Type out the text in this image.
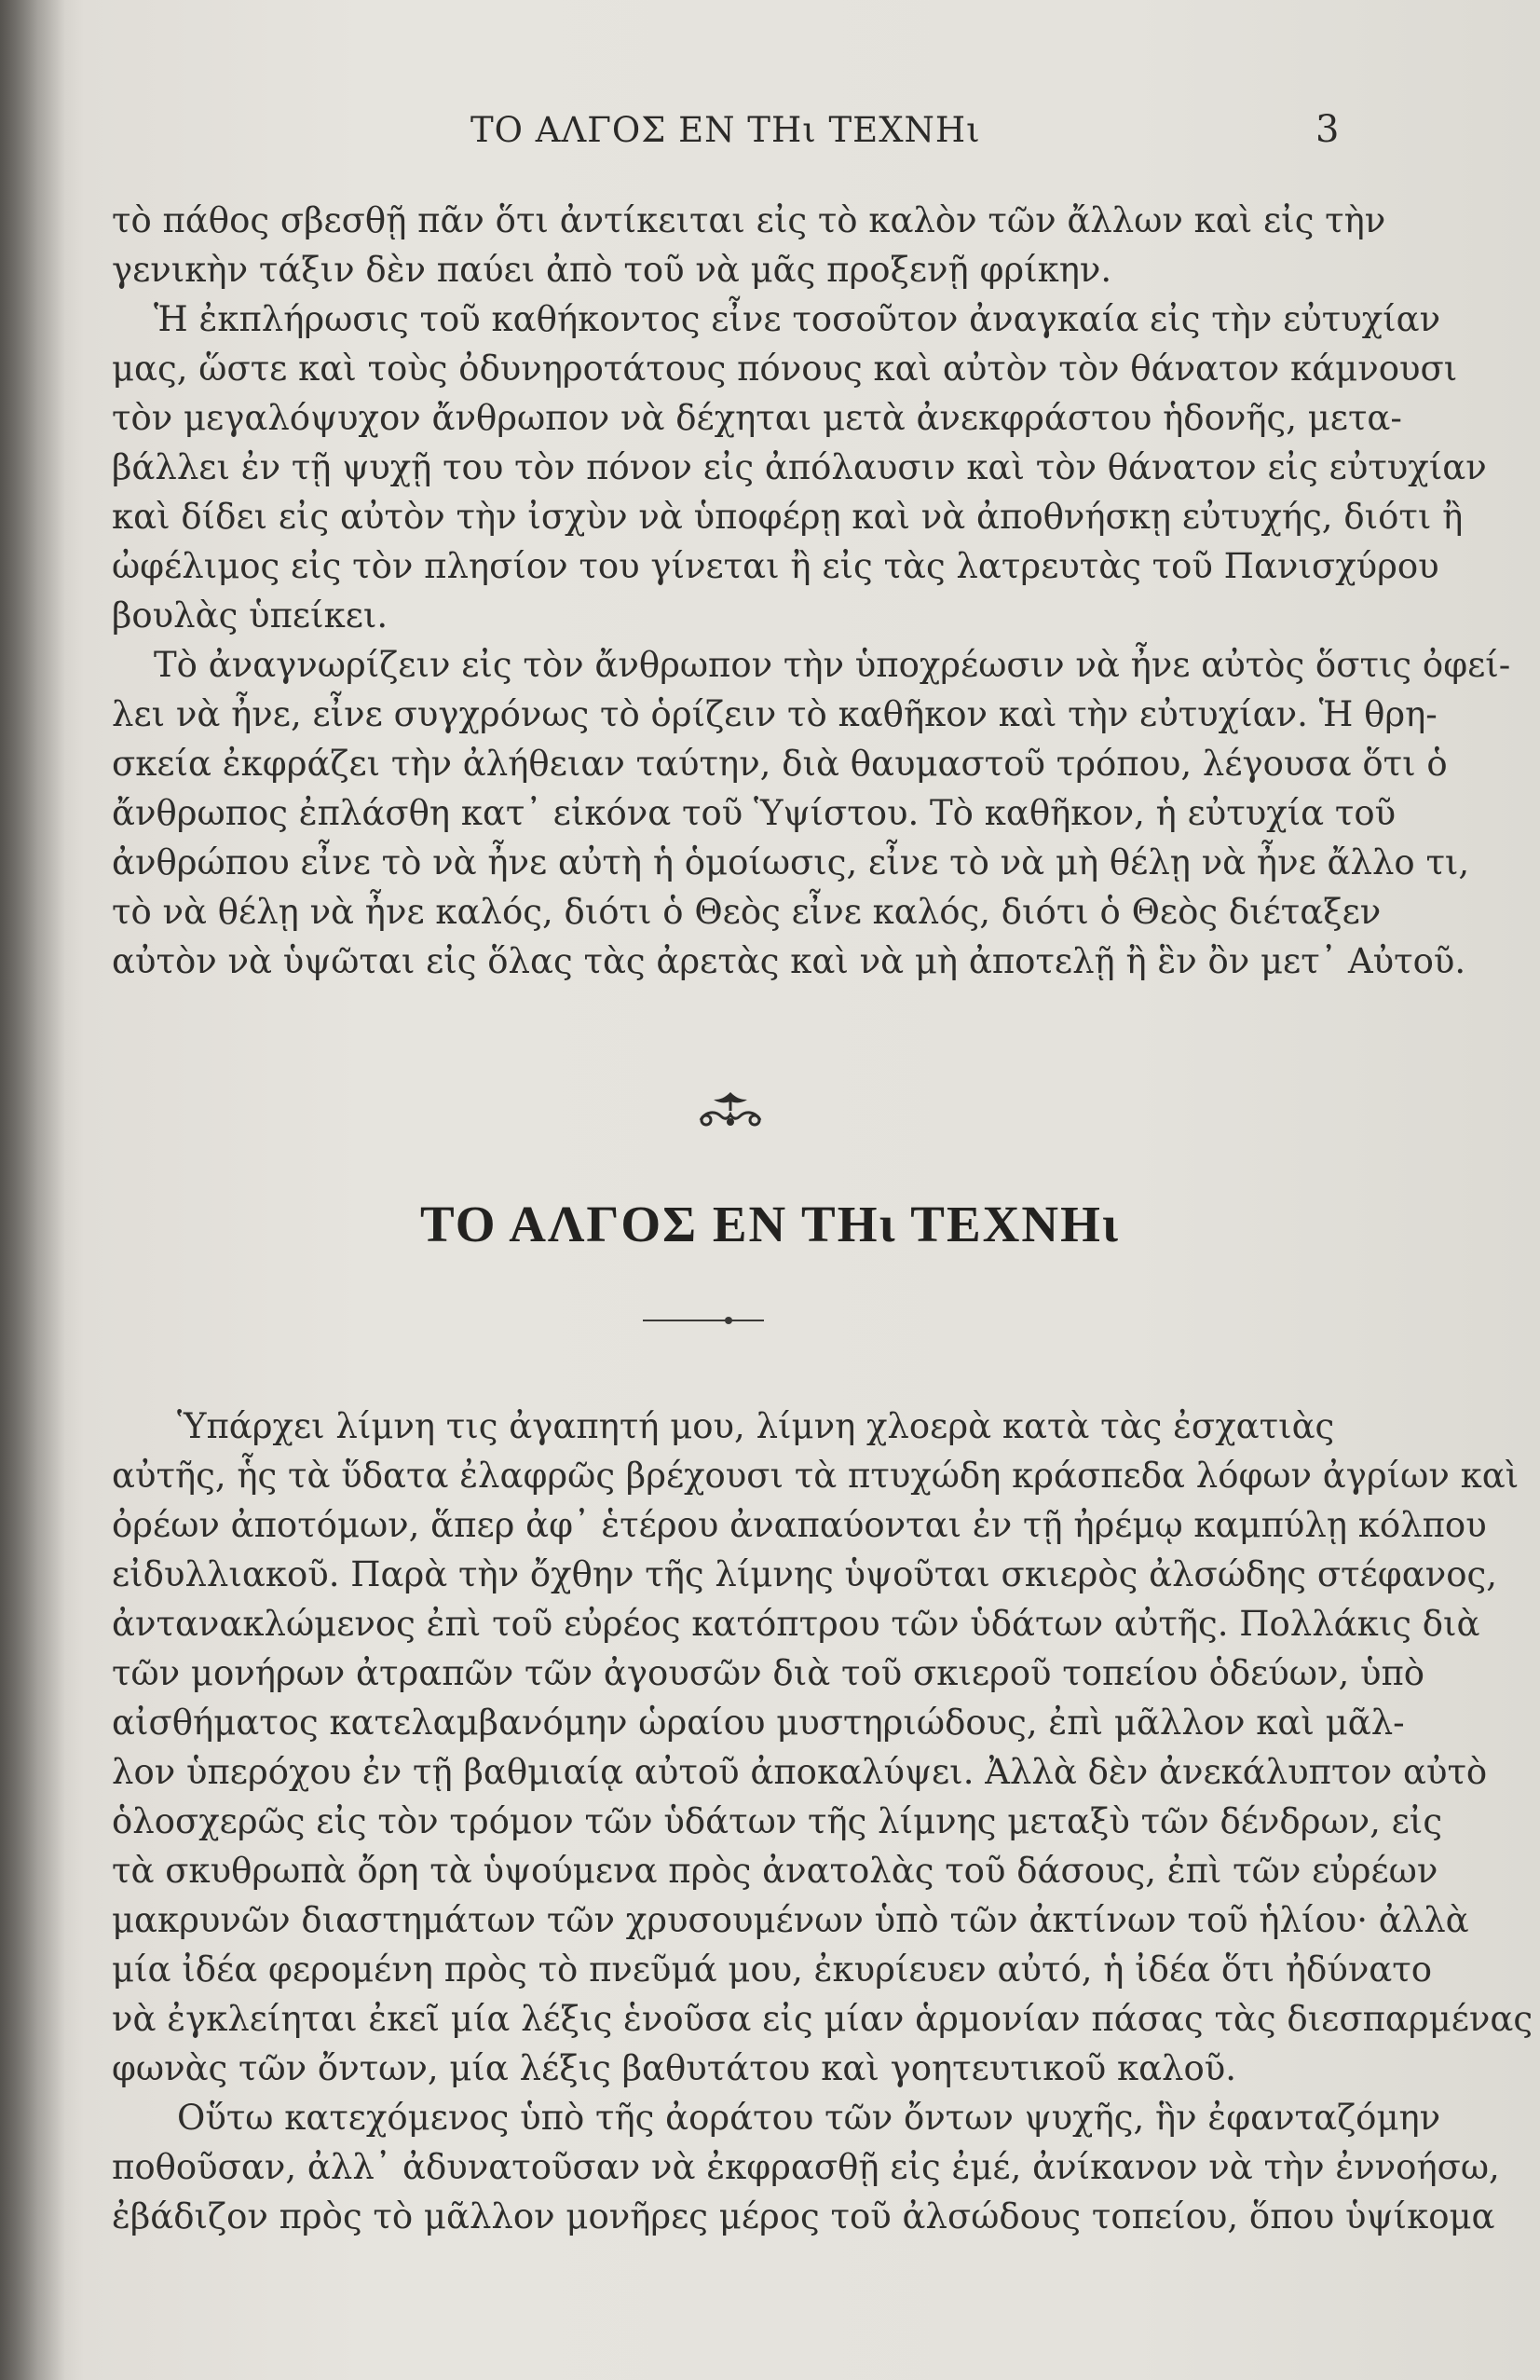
ΤΟ ΑΛΓΟΣ ΕΝ ΤΗι ΤΕΧΝΗι	3
τὸ πάθος σβεσθῇ πᾶν ὅτι ἀντίκειται εἰς τὸ καλὸν τῶν ἄλλων καὶ εἰς τὴν
γενικὴν τάξιν δὲν παύει ἀπὸ τοῦ νὰ μᾶς προξενῇ φρίκην.
Ἡ ἐκπλήρωσις τοῦ καθήκοντος εἶνε τοσοῦτον ἀναγκαία εἰς τὴν εὐτυχίαν
μας, ὥστε καὶ τοὺς ὀδυνηροτάτους πόνους καὶ αὐτὸν τὸν θάνατον κάμνουσι
τὸν μεγαλόψυχον ἄνθρωπον νὰ δέχηται μετὰ ἀνεκφράστου ἡδονῆς, μετα-
βάλλει ἐν τῇ ψυχῇ του τὸν πόνον εἰς ἀπόλαυσιν καὶ τὸν θάνατον εἰς εὐτυχίαν
καὶ δίδει εἰς αὐτὸν τὴν ἰσχὺν νὰ ὑποφέρῃ καὶ νὰ ἀποθνήσκῃ εὐτυχής, διότι ἢ
ὠφέλιμος εἰς τὸν πλησίον του γίνεται ἢ εἰς τὰς λατρευτὰς τοῦ Πανισχύρου
βουλὰς ὑπείκει.
Τὸ ἀναγνωρίζειν εἰς τὸν ἄνθρωπον τὴν ὑποχρέωσιν νὰ ἦνε αὐτὸς ὅστις ὀφεί-
λει νὰ ἦνε, εἶνε συγχρόνως τὸ ὁρίζειν τὸ καθῆκον καὶ τὴν εὐτυχίαν. Ἡ θρη-
σκεία ἐκφράζει τὴν ἀλήθειαν ταύτην, διὰ θαυμαστοῦ τρόπου, λέγουσα ὅτι ὁ
ἄνθρωπος ἐπλάσθη κατ᾿ εἰκόνα τοῦ Ὑψίστου. Τὸ καθῆκον, ἡ εὐτυχία τοῦ
ἀνθρώπου εἶνε τὸ νὰ ἦνε αὐτὴ ἡ ὁμοίωσις, εἶνε τὸ νὰ μὴ θέλῃ νὰ ἦνε ἄλλο τι,
τὸ νὰ θέλῃ νὰ ἦνε καλός, διότι ὁ Θεὸς εἶνε καλός, διότι ὁ Θεὸς διέταξεν
αὐτὸν νὰ ὑψῶται εἰς ὅλας τὰς ἀρετὰς καὶ νὰ μὴ ἀποτελῇ ἢ ἓν ὂν μετ᾿ Αὐτοῦ.
ΤΟ ΑΛΓΟΣ ΕΝ ΤΗι ΤΕΧΝΗι
Ὑπάρχει λίμνη τις ἀγαπητή μου, λίμνη χλοερὰ κατὰ τὰς ἐσχατιὰς
αὐτῆς, ἧς τὰ ὕδατα ἐλαφρῶς βρέχουσι τὰ πτυχώδη κράσπεδα λόφων ἀγρίων καὶ
ὀρέων ἀποτόμων, ἅπερ ἀφ᾿ ἑτέρου ἀναπαύονται ἐν τῇ ἠρέμῳ καμπύλῃ κόλπου
εἰδυλλιακοῦ. Παρὰ τὴν ὄχθην τῆς λίμνης ὑψοῦται σκιερὸς ἀλσώδης στέφανος,
ἀντανακλώμενος ἐπὶ τοῦ εὐρέος κατόπτρου τῶν ὑδάτων αὐτῆς. Πολλάκις διὰ
τῶν μονήρων ἀτραπῶν τῶν ἀγουσῶν διὰ τοῦ σκιεροῦ τοπείου ὁδεύων, ὑπὸ
αἰσθήματος κατελαμβανόμην ὡραίου μυστηριώδους, ἐπὶ μᾶλλον καὶ μᾶλ-
λον ὑπερόχου ἐν τῇ βαθμιαίᾳ αὐτοῦ ἀποκαλύψει. Ἀλλὰ δὲν ἀνεκάλυπτον αὐτὸ
ὁλοσχερῶς εἰς τὸν τρόμον τῶν ὑδάτων τῆς λίμνης μεταξὺ τῶν δένδρων, εἰς
τὰ σκυθρωπὰ ὄρη τὰ ὑψούμενα πρὸς ἀνατολὰς τοῦ δάσους, ἐπὶ τῶν εὐρέων
μακρυνῶν διαστημάτων τῶν χρυσουμένων ὑπὸ τῶν ἀκτίνων τοῦ ἡλίου· ἀλλὰ
μία ἰδέα φερομένη πρὸς τὸ πνεῦμά μου, ἐκυρίευεν αὐτό, ἡ ἰδέα ὅτι ἠδύνατο
νὰ ἐγκλείηται ἐκεῖ μία λέξις ἑνοῦσα εἰς μίαν ἁρμονίαν πάσας τὰς διεσπαρμένας
φωνὰς τῶν ὄντων, μία λέξις βαθυτάτου καὶ γοητευτικοῦ καλοῦ.
Οὕτω κατεχόμενος ὑπὸ τῆς ἀοράτου τῶν ὄντων ψυχῆς, ἣν ἐφανταζόμην
ποθοῦσαν, ἀλλ᾿ ἀδυνατοῦσαν νὰ ἐκφρασθῇ εἰς ἐμέ, ἀνίκανον νὰ τὴν ἐννοήσω,
ἐβάδιζον πρὸς τὸ μᾶλλον μονῆρες μέρος τοῦ ἀλσώδους τοπείου, ὅπου ὑψίκομα
